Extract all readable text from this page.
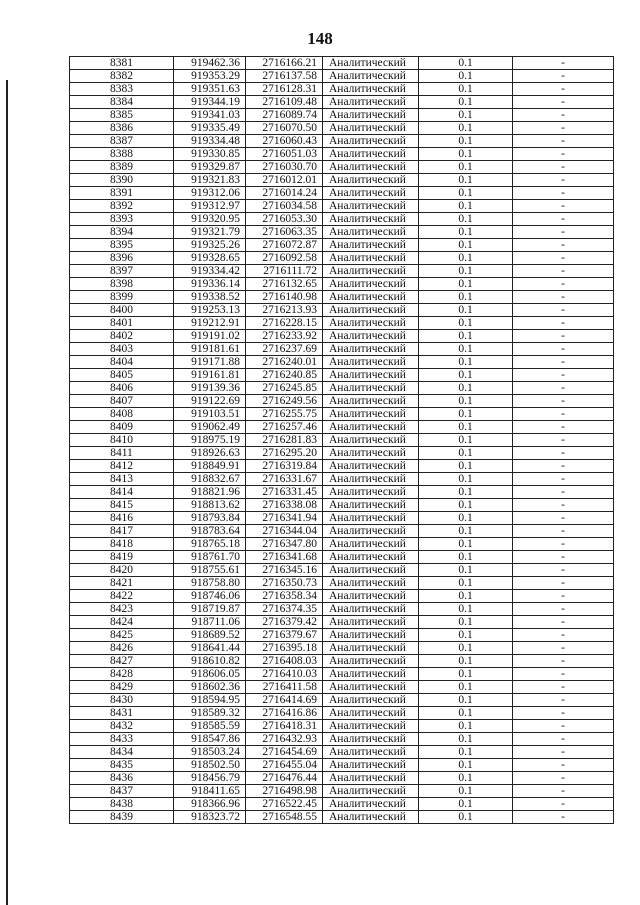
148
8381	919462.36	2716166.21	Аналитический	0.1	-
8382	919353.29	2716137.58	Аналитический	0.1	-
8383	919351.63	2716128.31	Аналитический	0.1	-
8384	919344.19	2716109.48	Аналитический	0.1	-
8385	919341.03	2716089.74	Аналитический	0.1	-
8386	919335.49	2716070.50	Аналитический	0.1	-
8387	919334.48	2716060.43	Аналитический	0.1	-
8388	919330.85	2716051.03	Аналитический	0.1	-
8389	919329.87	2716030.70	Аналитический	0.1	-
8390	919321.83	2716012.01	Аналитический	0.1	-
8391	919312.06	2716014.24	Аналитический	0.1	-
8392	919312.97	2716034.58	Аналитический	0.1	-
8393	919320.95	2716053.30	Аналитический	0.1	-
8394	919321.79	2716063.35	Аналитический	0.1	-
8395	919325.26	2716072.87	Аналитический	0.1	-
8396	919328.65	2716092.58	Аналитический	0.1	-
8397	919334.42	2716111.72	Аналитический	0.1	-
8398	919336.14	2716132.65	Аналитический	0.1	-
8399	919338.52	2716140.98	Аналитический	0.1	-
8400	919253.13	2716213.93	Аналитический	0.1	-
8401	919212.91	2716228.15	Аналитический	0.1	-
8402	919191.02	2716233.92	Аналитический	0.1	-
8403	919181.61	2716237.69	Аналитический	0.1	-
8404	919171.88	2716240.01	Аналитический	0.1	-
8405	919161.81	2716240.85	Аналитический	0.1	-
8406	919139.36	2716245.85	Аналитический	0.1	-
8407	919122.69	2716249.56	Аналитический	0.1	-
8408	919103.51	2716255.75	Аналитический	0.1	-
8409	919062.49	2716257.46	Аналитический	0.1	-
8410	918975.19	2716281.83	Аналитический	0.1	-
8411	918926.63	2716295.20	Аналитический	0.1	-
8412	918849.91	2716319.84	Аналитический	0.1	-
8413	918832.67	2716331.67	Аналитический	0.1	-
8414	918821.96	2716331.45	Аналитический	0.1	-
8415	918813.62	2716338.08	Аналитический	0.1	-
8416	918793.84	2716341.94	Аналитический	0.1	-
8417	918783.64	2716344.04	Аналитический	0.1	-
8418	918765.18	2716347.80	Аналитический	0.1	-
8419	918761.70	2716341.68	Аналитический	0.1	-
8420	918755.61	2716345.16	Аналитический	0.1	-
8421	918758.80	2716350.73	Аналитический	0.1	-
8422	918746.06	2716358.34	Аналитический	0.1	-
8423	918719.87	2716374.35	Аналитический	0.1	-
8424	918711.06	2716379.42	Аналитический	0.1	-
8425	918689.52	2716379.67	Аналитический	0.1	-
8426	918641.44	2716395.18	Аналитический	0.1	-
8427	918610.82	2716408.03	Аналитический	0.1	-
8428	918606.05	2716410.03	Аналитический	0.1	-
8429	918602.36	2716411.58	Аналитический	0.1	-
8430	918594.95	2716414.69	Аналитический	0.1	-
8431	918589.32	2716416.86	Аналитический	0.1	-
8432	918585.59	2716418.31	Аналитический	0.1	-
8433	918547.86	2716432.93	Аналитический	0.1	-
8434	918503.24	2716454.69	Аналитический	0.1	-
8435	918502.50	2716455.04	Аналитический	0.1	-
8436	918456.79	2716476.44	Аналитический	0.1	-
8437	918411.65	2716498.98	Аналитический	0.1	-
8438	918366.96	2716522.45	Аналитический	0.1	-
8439	918323.72	2716548.55	Аналитический	0.1	-
